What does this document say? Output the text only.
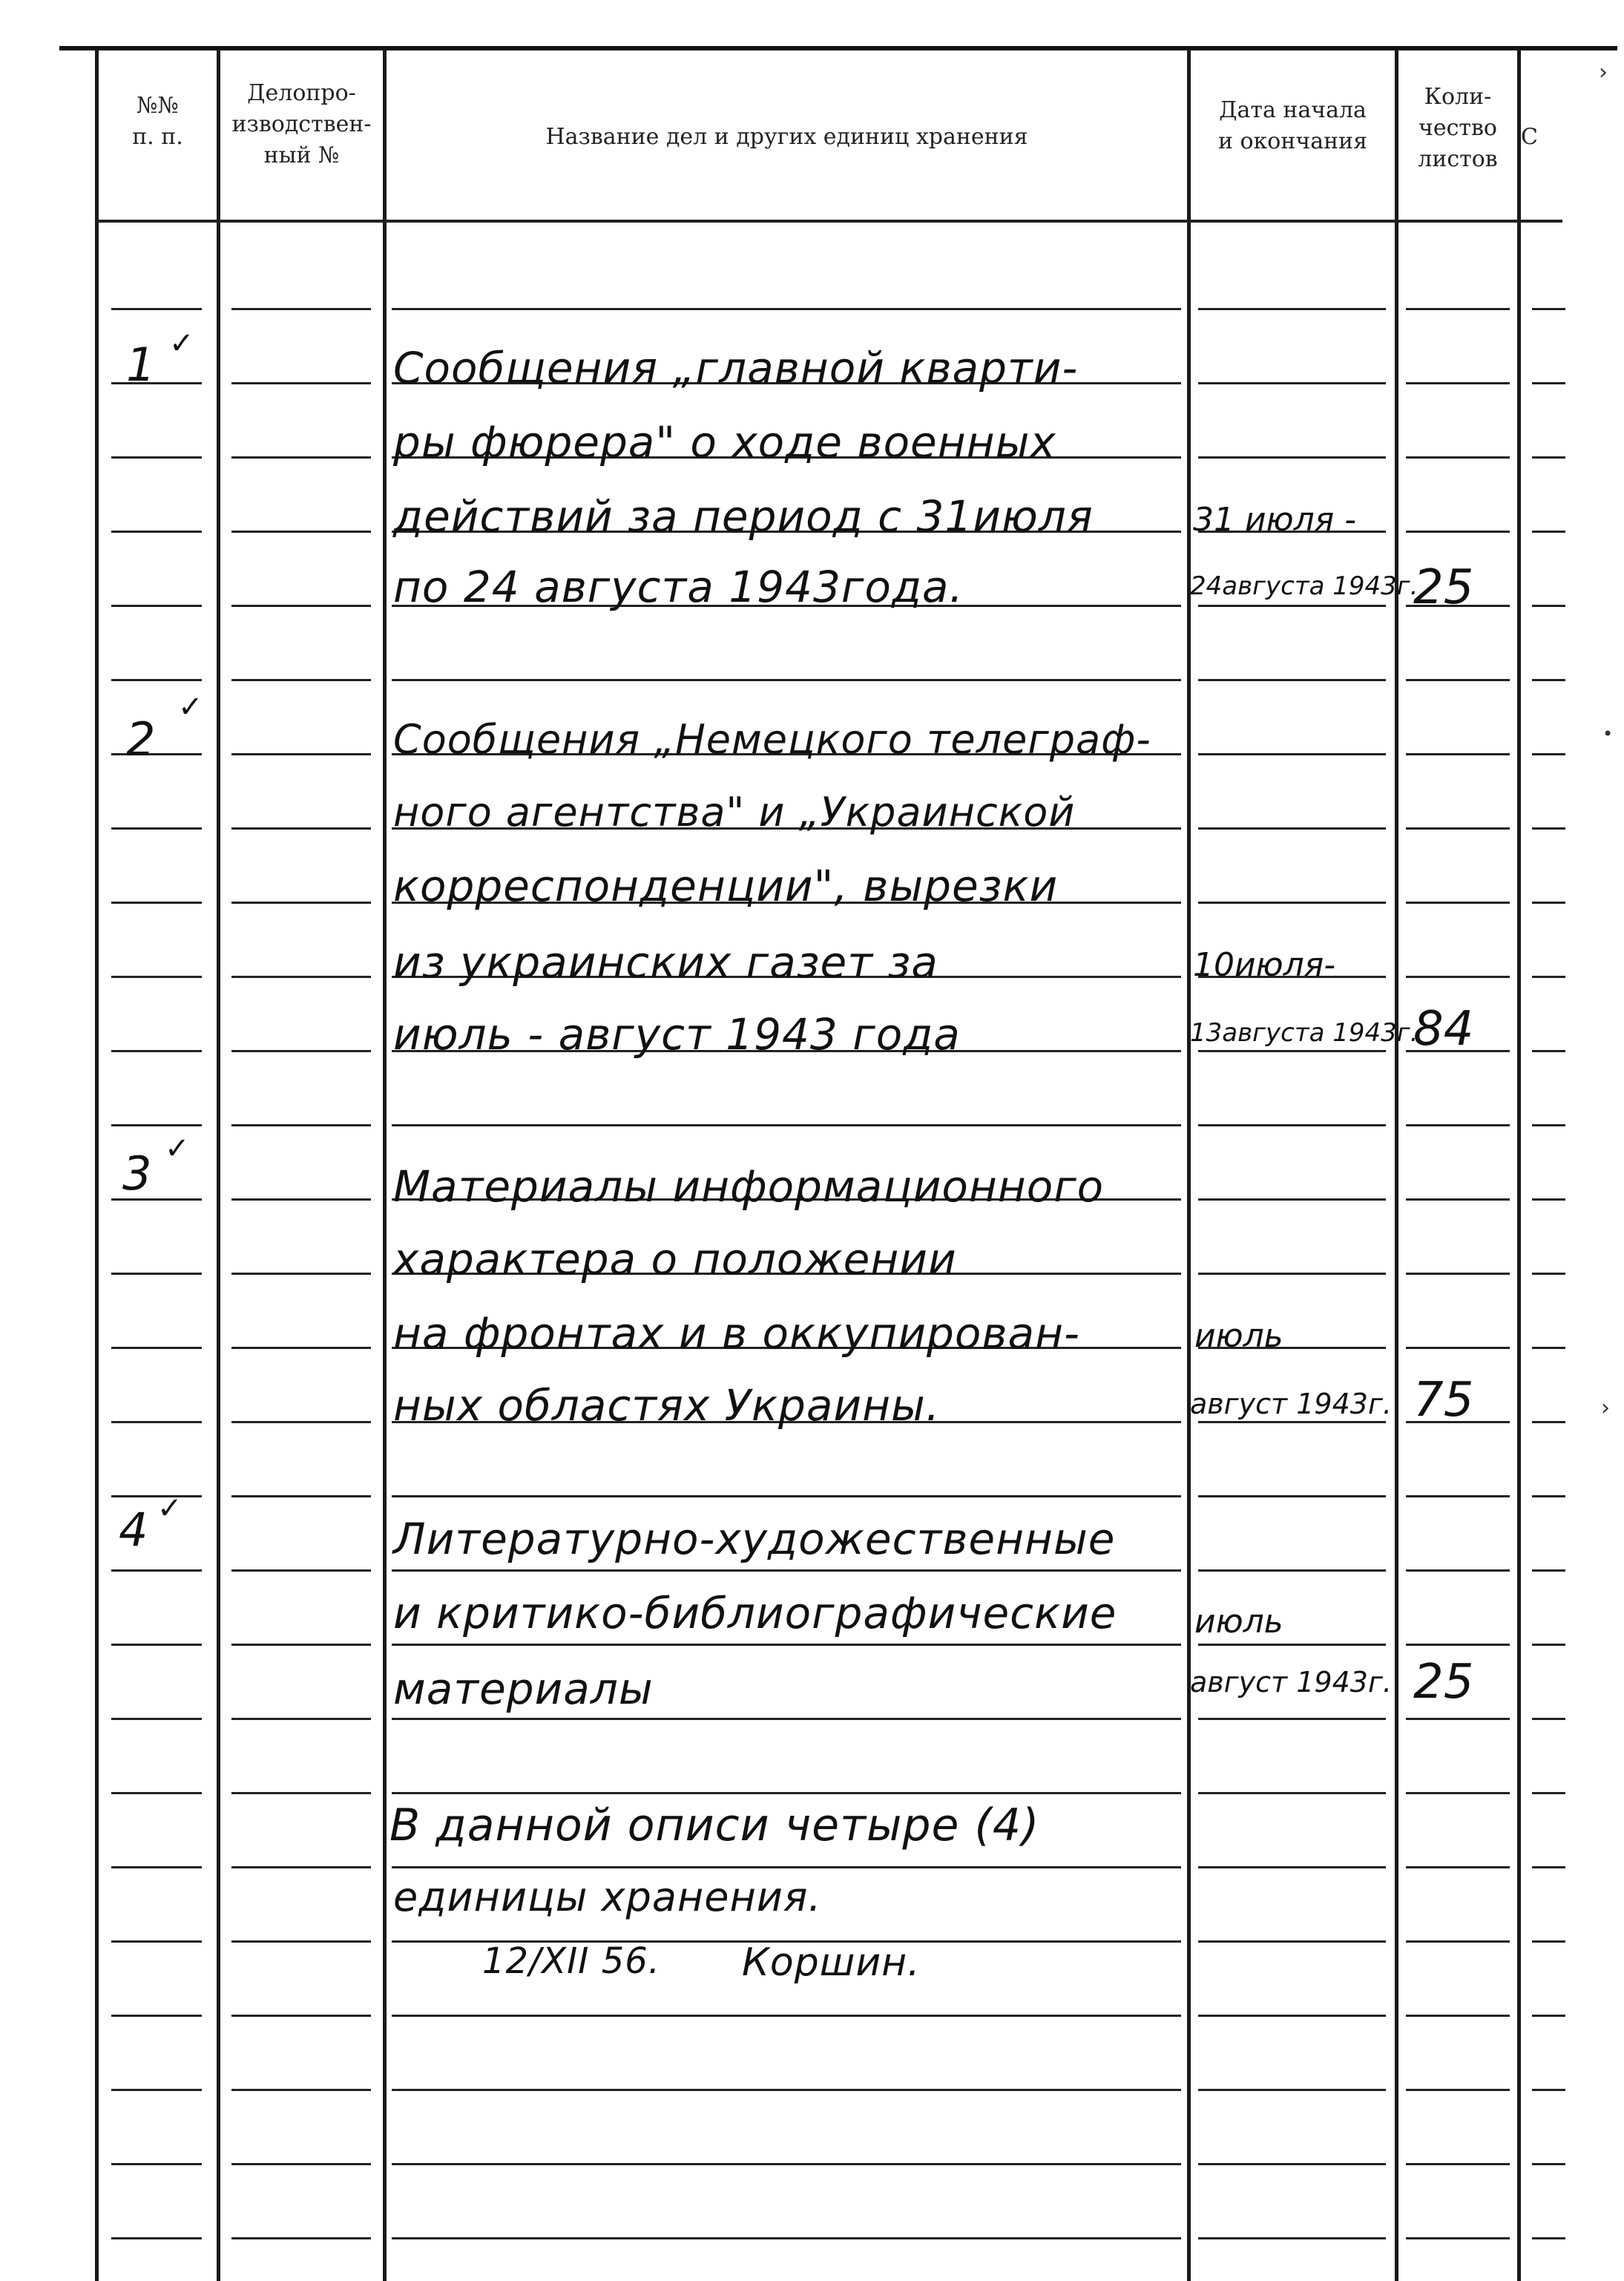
№№
п. п.
Делопро-
изводствен-
ный №
Название дел и других единиц хранения
Дата начала
и окончания
Коли-
чество
листов
С
1 ✓	Сообщения „главной кварти-
ры фюрера" о ходе военных
действий за период с 31июля
по 24 августа 1943года.
31 июля -
24августа 1943г.
25
2
✓
Сообщения „Немецкого телеграф-
ного агентства" и „Украинской
корреспонденции", вырезки
из украинских газет за
июль - август 1943 года
10июля-
13августа 1943г.
84
3 ✓
Материалы информационного
характера о положении
на фронтах и в оккупирован-
ных областях Украины.
июль
август 1943г. 75
4 ✓
Литературно-художественные
и критико-библиографические
материалы
июль
август 1943г. 25
В данной описи четыре (4)
единицы хранения.
12/XII 56. Коршин.
›
•
›
